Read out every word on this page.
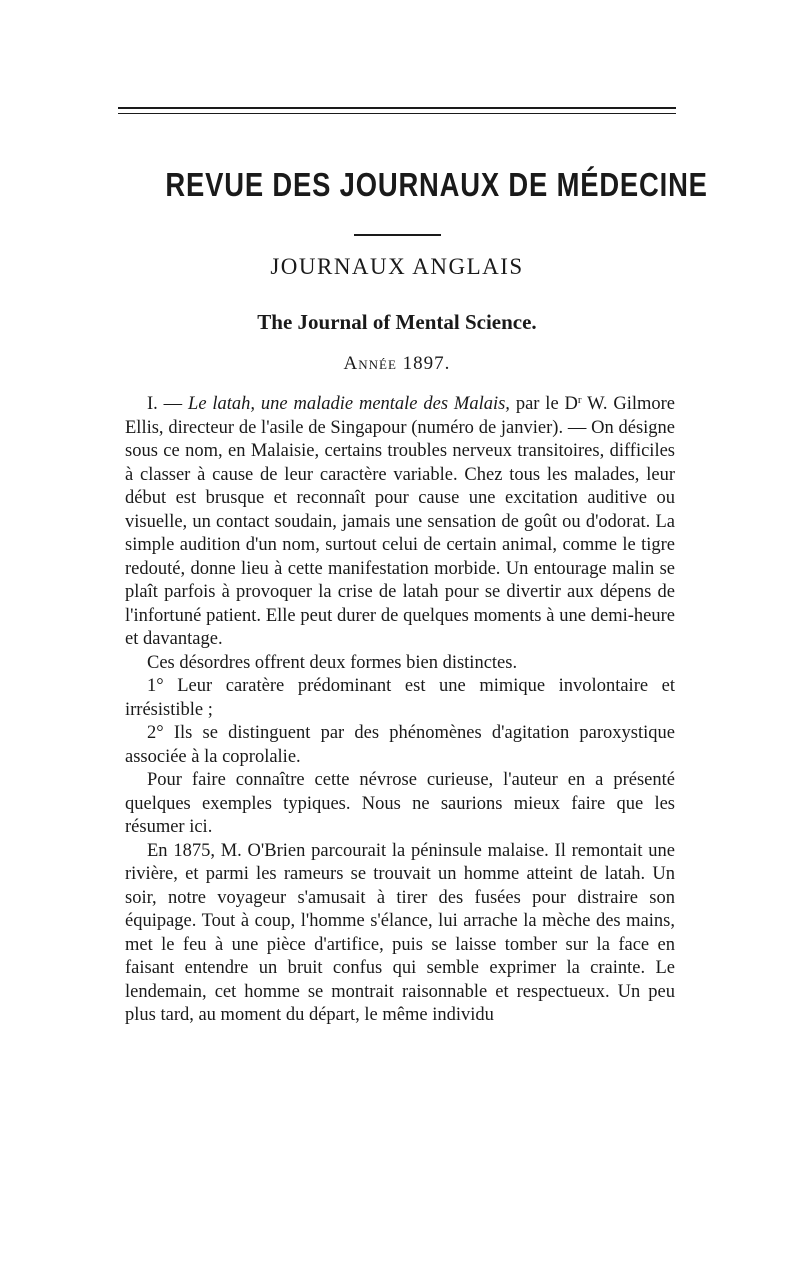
REVUE DES JOURNAUX DE MÉDECINE
JOURNAUX ANGLAIS
The Journal of Mental Science.
Année 1897.

I. — Le latah, une maladie mentale des Malais, par le $D^r$ W. Gilmore Ellis, directeur de l'asile de Singapour (numéro de janvier). — On désigne sous ce nom, en Malaisie, certains troubles nerveux transitoires, difficiles à classer à cause de leur caractère variable. Chez tous les malades, leur début est brusque et reconnaît pour cause une excitation auditive ou visuelle, un contact soudain, jamais une sensation de goût ou d'odorat. La simple audition d'un nom, surtout celui de certain animal, comme le tigre redouté, donne lieu à cette manifestation morbide. Un entourage malin se plaît parfois à provoquer la crise de latah pour se divertir aux dépens de l'infortuné patient. Elle peut durer de quelques moments à une demi-heure et davantage.

Ces désordres offrent deux formes bien distinctes.

1° Leur caratère prédominant est une mimique involontaire et irrésistible ;

2° Ils se distinguent par des phénomènes d'agitation paroxystique associée à la coprolalie.

Pour faire connaître cette névrose curieuse, l'auteur en a présenté quelques exemples typiques. Nous ne saurions mieux faire que les résumer ici.

En 1875, M. O'Brien parcourait la péninsule malaise. Il remontait une rivière, et parmi les rameurs se trouvait un homme atteint de latah. Un soir, notre voyageur s'amusait à tirer des fusées pour distraire son équipage. Tout à coup, l'homme s'élance, lui arrache la mèche des mains, met le feu à une pièce d'artifice, puis se laisse tomber sur la face en faisant entendre un bruit confus qui semble exprimer la crainte. Le lendemain, cet homme se montrait raisonnable et respectueux. Un peu plus tard, au moment du départ, le même individu
